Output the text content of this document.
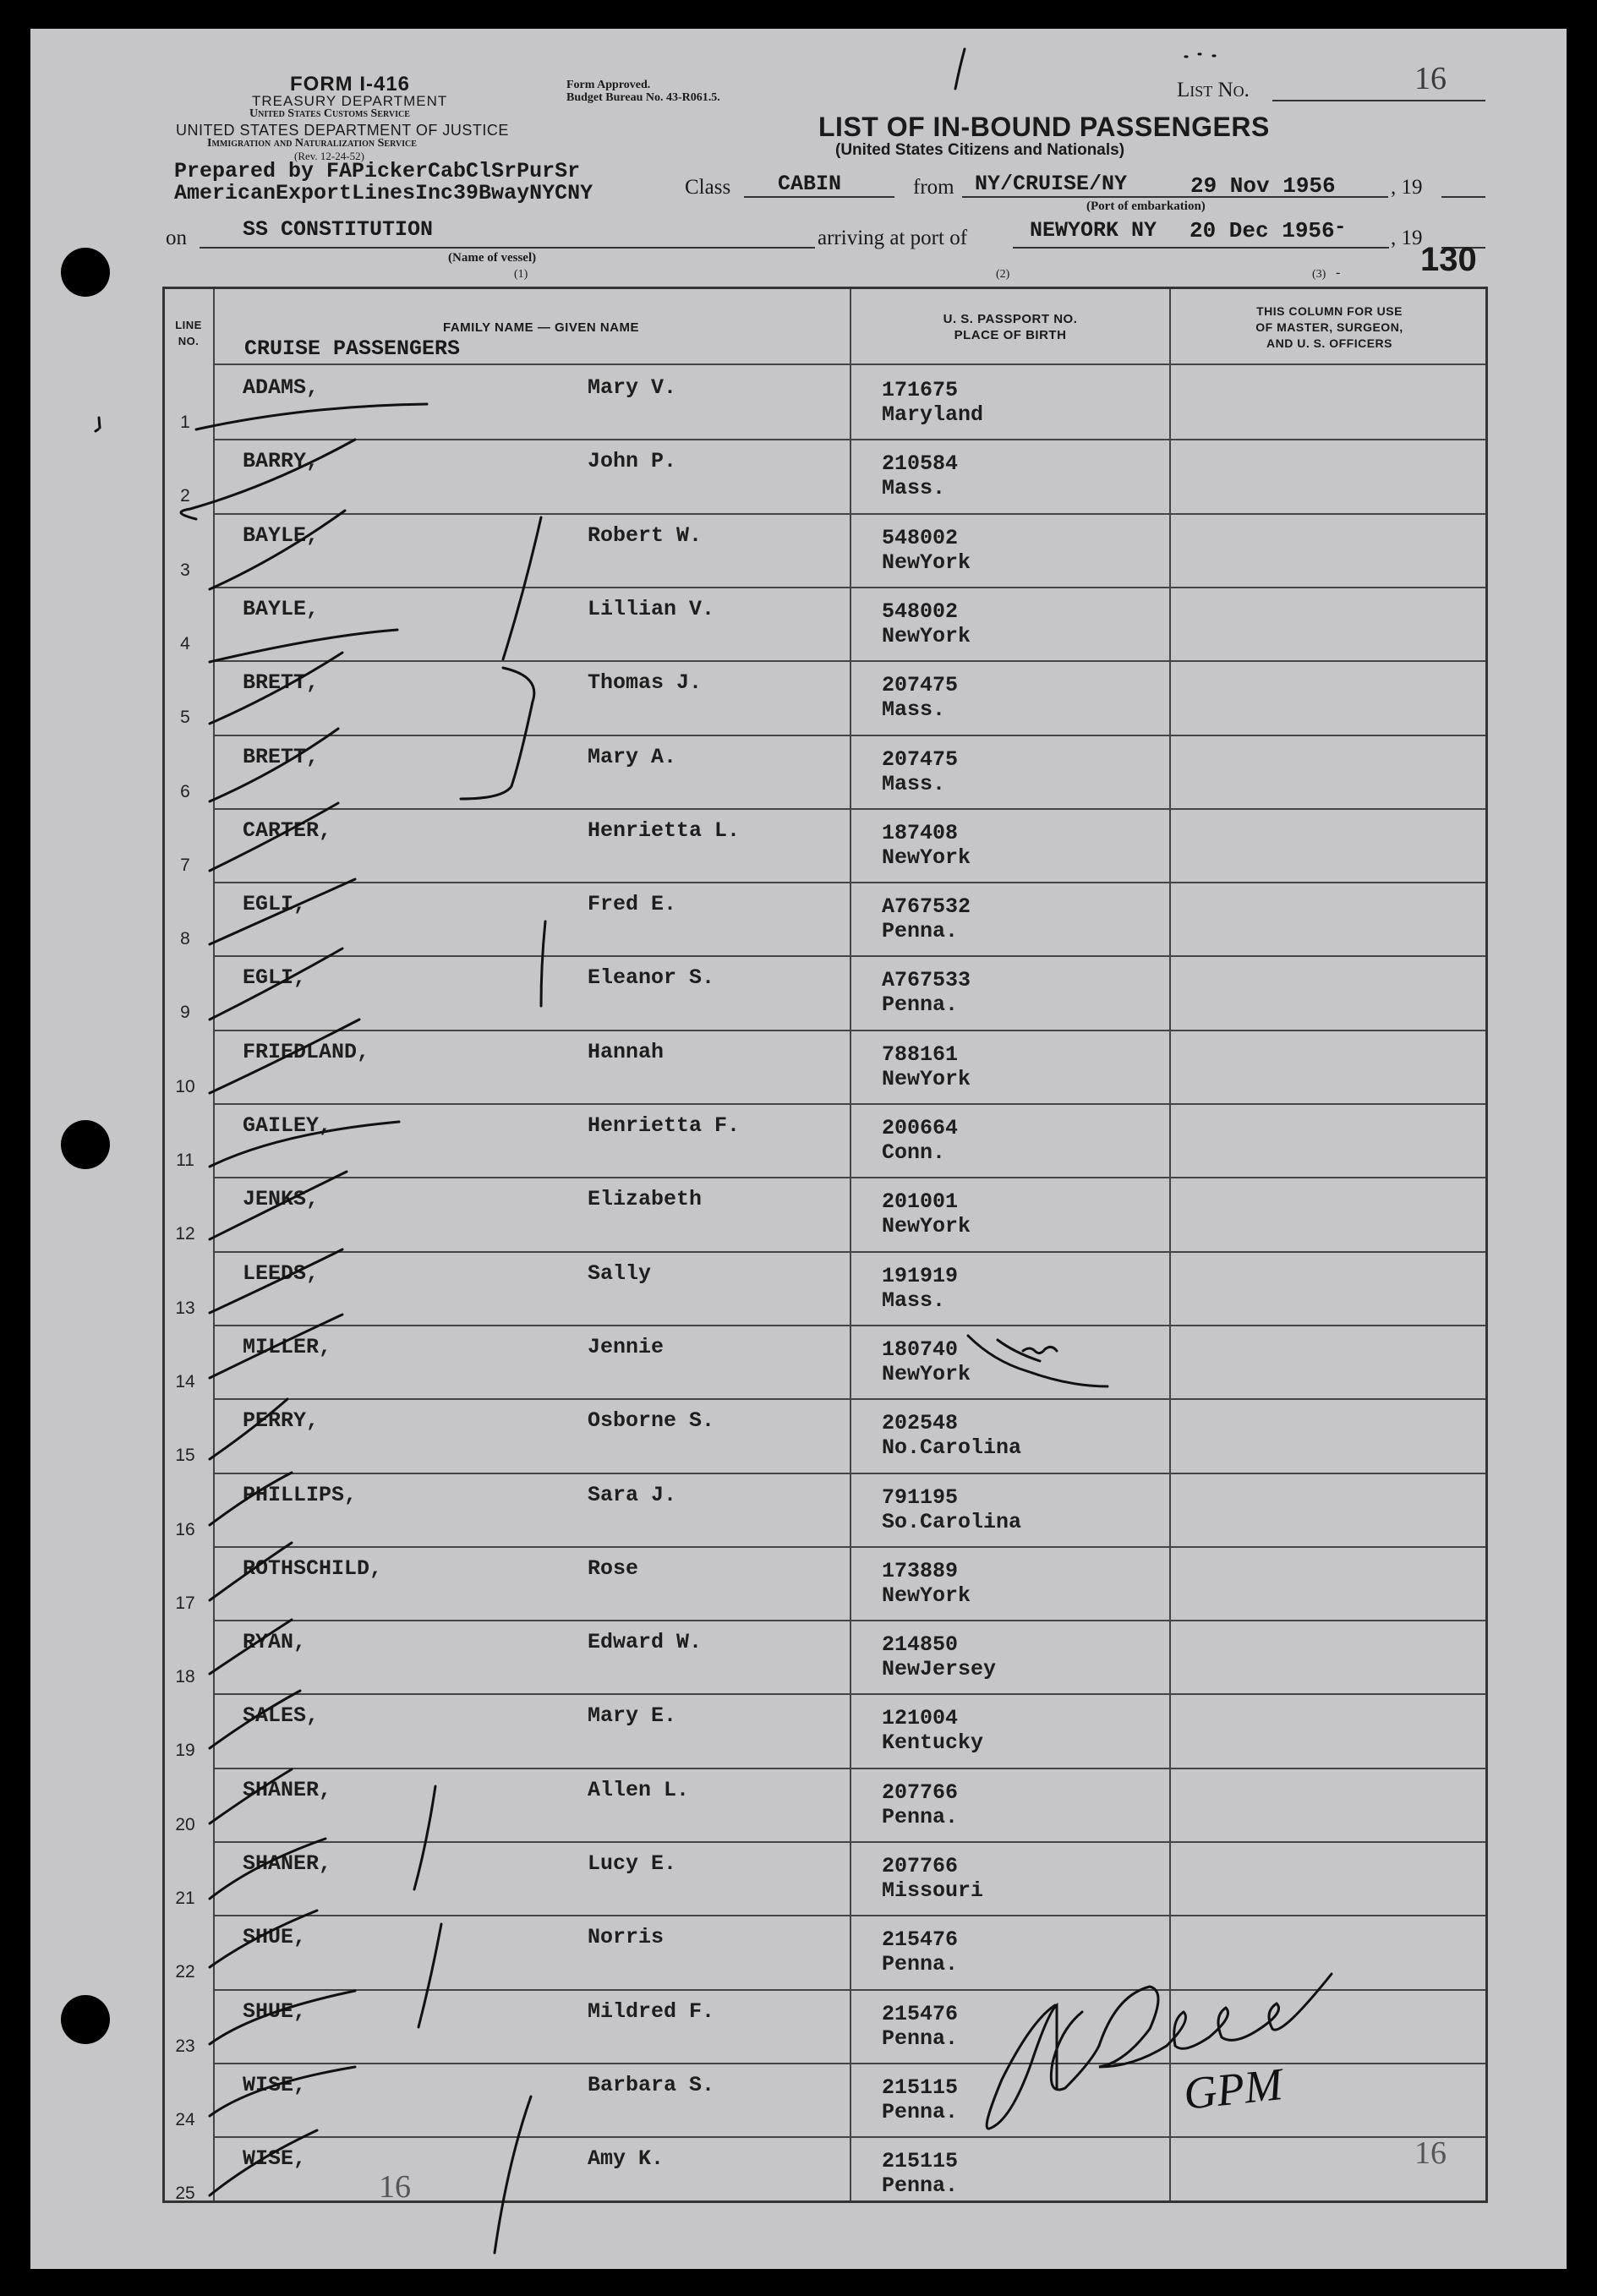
FORM I-416
TREASURY DEPARTMENT
United States Customs Service
UNITED STATES DEPARTMENT OF JUSTICE
Immigration and Naturalization Service
(Rev. 12-24-52)
Prepared by FAPickerCabClSrPurSr
AmericanExportLinesInc39BwayNYCNY
Form Approved.
Budget Bureau No. 43-R061.5.
LIST OF IN-BOUND PASSENGERS
(United States Citizens and Nationals)
List No.	16
Class CABIN	from NY/CRUISE/NY	29 Nov 1956	, 19
(Port of embarkation)
on	SS CONSTITUTION
(Name of vessel)
(1)
arriving at port of	NEWYORK NY 20 Dec 1956 - , 19
(2)	(3) - 130
LINE NO.
FAMILY NAME — GIVEN NAME
CRUISE PASSENGERS
U. S. PASSPORT NO.
PLACE OF BIRTH
THIS COLUMN FOR USE
OF MASTER, SURGEON,
AND U. S. OFFICERS
1
ADAMS,	Mary V.	171675
Maryland
2
BARRY,	John P.	210584
Mass.
3
BAYLE,	Robert W.	548002
NewYork
4
BAYLE,	Lillian V.	548002
NewYork
5
BRETT,	Thomas J.	207475
Mass.
6
BRETT,	Mary A.	207475
Mass.
7
CARTER,	Henrietta L.	187408
NewYork
8
EGLI,	Fred E.	A767532
Penna.
9
EGLI,	Eleanor S.	A767533
Penna.
10
FRIEDLAND,	Hannah	788161
NewYork
11
GAILEY,	Henrietta F.	200664
Conn.
12
JENKS,	Elizabeth	201001
NewYork
13
LEEDS,	Sally	191919
Mass.
14
MILLER,	Jennie	180740
NewYork
15
PERRY,	Osborne S.	202548
No.Carolina
16
PHILLIPS,	Sara J.	791195
So.Carolina
17
ROTHSCHILD,	Rose	173889
NewYork
18
RYAN,	Edward W.	214850
NewJersey
19
SALES,	Mary E.	121004
Kentucky
20
SHANER,	Allen L.	207766
Penna.
21
SHANER,	Lucy E.	207766
Missouri
22
SHUE,	Norris	215476
Penna.
23
SHUE,	Mildred F.	215476
Penna.
24
WISE,	Barbara S.	215115
Penna.
25
WISE,	Amy K.	215115
Penna.
GPM
16
16
